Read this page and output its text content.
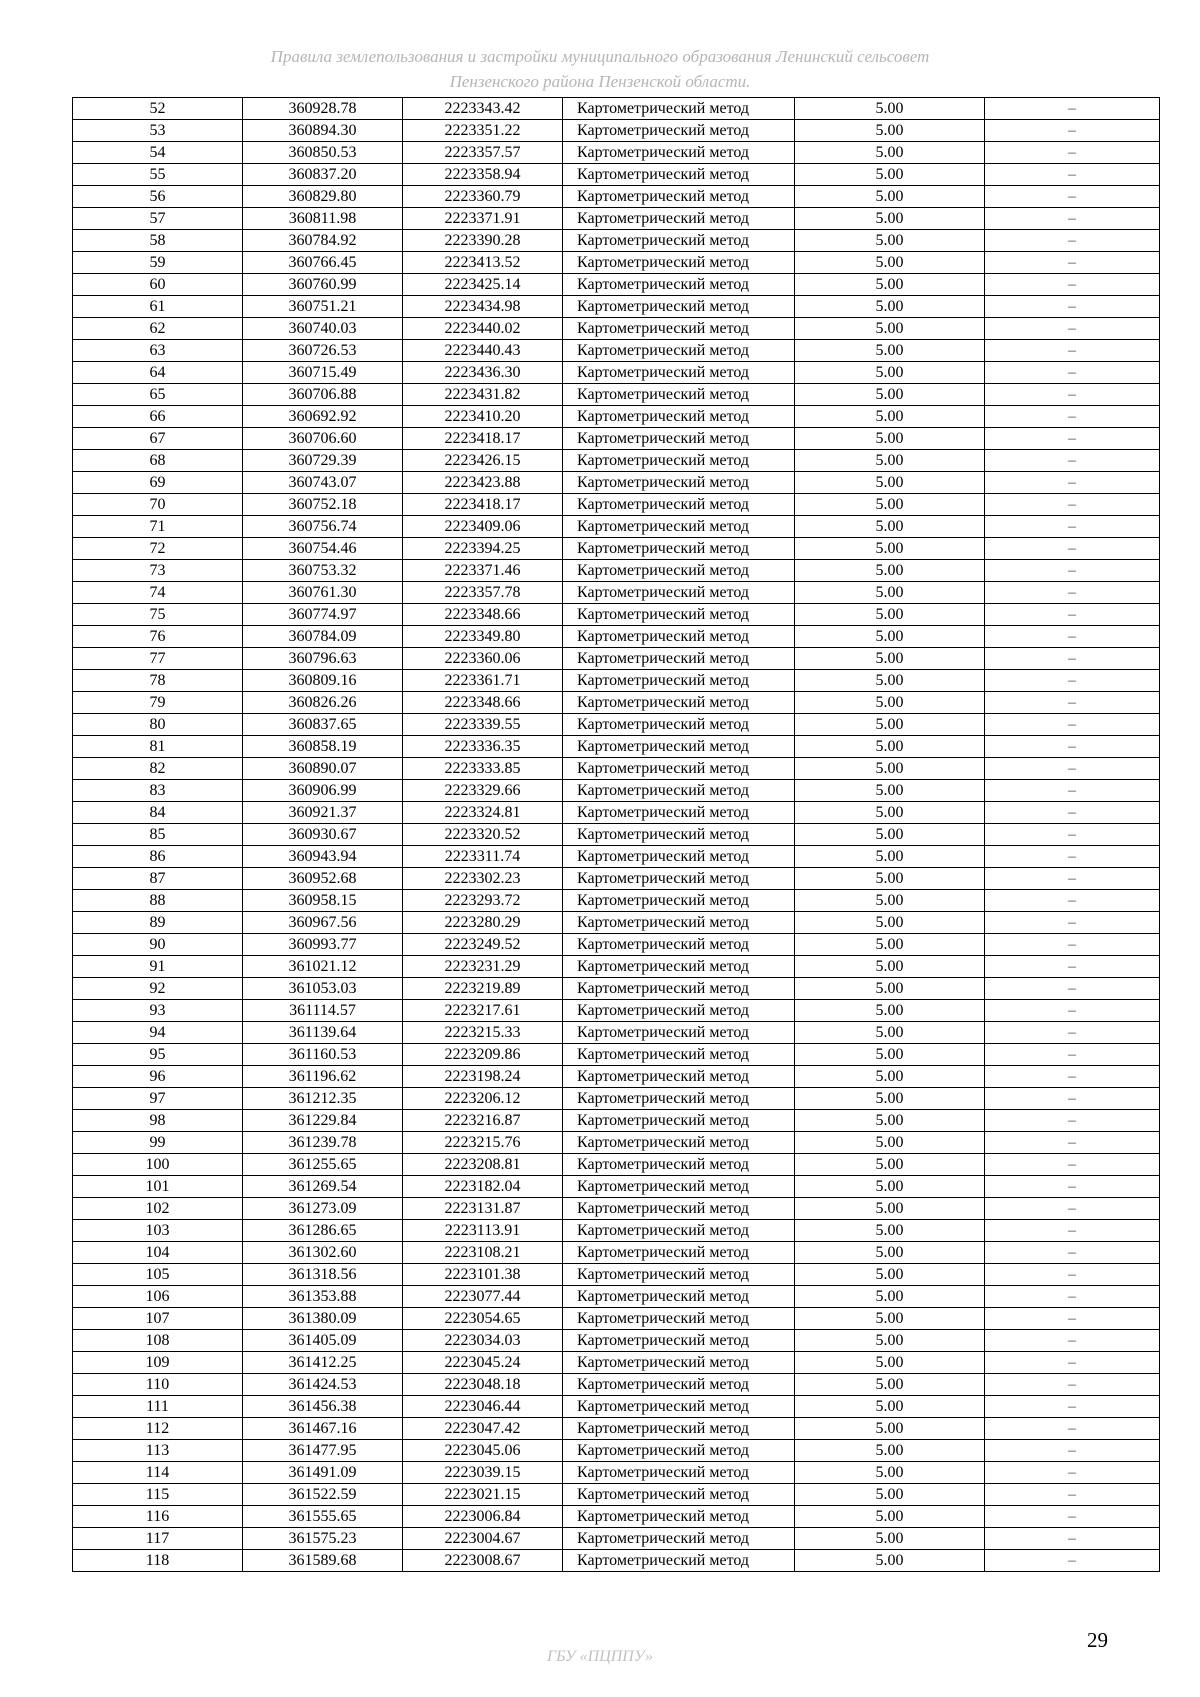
Правила землепользования и застройки муниципального образования Ленинский сельсовет
Пензенского района Пензенской области.
52	360928.78	2223343.42	Картометрический метод	5.00	–
53	360894.30	2223351.22	Картометрический метод	5.00	–
54	360850.53	2223357.57	Картометрический метод	5.00	–
55	360837.20	2223358.94	Картометрический метод	5.00	–
56	360829.80	2223360.79	Картометрический метод	5.00	–
57	360811.98	2223371.91	Картометрический метод	5.00	–
58	360784.92	2223390.28	Картометрический метод	5.00	–
59	360766.45	2223413.52	Картометрический метод	5.00	–
60	360760.99	2223425.14	Картометрический метод	5.00	–
61	360751.21	2223434.98	Картометрический метод	5.00	–
62	360740.03	2223440.02	Картометрический метод	5.00	–
63	360726.53	2223440.43	Картометрический метод	5.00	–
64	360715.49	2223436.30	Картометрический метод	5.00	–
65	360706.88	2223431.82	Картометрический метод	5.00	–
66	360692.92	2223410.20	Картометрический метод	5.00	–
67	360706.60	2223418.17	Картометрический метод	5.00	–
68	360729.39	2223426.15	Картометрический метод	5.00	–
69	360743.07	2223423.88	Картометрический метод	5.00	–
70	360752.18	2223418.17	Картометрический метод	5.00	–
71	360756.74	2223409.06	Картометрический метод	5.00	–
72	360754.46	2223394.25	Картометрический метод	5.00	–
73	360753.32	2223371.46	Картометрический метод	5.00	–
74	360761.30	2223357.78	Картометрический метод	5.00	–
75	360774.97	2223348.66	Картометрический метод	5.00	–
76	360784.09	2223349.80	Картометрический метод	5.00	–
77	360796.63	2223360.06	Картометрический метод	5.00	–
78	360809.16	2223361.71	Картометрический метод	5.00	–
79	360826.26	2223348.66	Картометрический метод	5.00	–
80	360837.65	2223339.55	Картометрический метод	5.00	–
81	360858.19	2223336.35	Картометрический метод	5.00	–
82	360890.07	2223333.85	Картометрический метод	5.00	–
83	360906.99	2223329.66	Картометрический метод	5.00	–
84	360921.37	2223324.81	Картометрический метод	5.00	–
85	360930.67	2223320.52	Картометрический метод	5.00	–
86	360943.94	2223311.74	Картометрический метод	5.00	–
87	360952.68	2223302.23	Картометрический метод	5.00	–
88	360958.15	2223293.72	Картометрический метод	5.00	–
89	360967.56	2223280.29	Картометрический метод	5.00	–
90	360993.77	2223249.52	Картометрический метод	5.00	–
91	361021.12	2223231.29	Картометрический метод	5.00	–
92	361053.03	2223219.89	Картометрический метод	5.00	–
93	361114.57	2223217.61	Картометрический метод	5.00	–
94	361139.64	2223215.33	Картометрический метод	5.00	–
95	361160.53	2223209.86	Картометрический метод	5.00	–
96	361196.62	2223198.24	Картометрический метод	5.00	–
97	361212.35	2223206.12	Картометрический метод	5.00	–
98	361229.84	2223216.87	Картометрический метод	5.00	–
99	361239.78	2223215.76	Картометрический метод	5.00	–
100	361255.65	2223208.81	Картометрический метод	5.00	–
101	361269.54	2223182.04	Картометрический метод	5.00	–
102	361273.09	2223131.87	Картометрический метод	5.00	–
103	361286.65	2223113.91	Картометрический метод	5.00	–
104	361302.60	2223108.21	Картометрический метод	5.00	–
105	361318.56	2223101.38	Картометрический метод	5.00	–
106	361353.88	2223077.44	Картометрический метод	5.00	–
107	361380.09	2223054.65	Картометрический метод	5.00	–
108	361405.09	2223034.03	Картометрический метод	5.00	–
109	361412.25	2223045.24	Картометрический метод	5.00	–
110	361424.53	2223048.18	Картометрический метод	5.00	–
111	361456.38	2223046.44	Картометрический метод	5.00	–
112	361467.16	2223047.42	Картометрический метод	5.00	–
113	361477.95	2223045.06	Картометрический метод	5.00	–
114	361491.09	2223039.15	Картометрический метод	5.00	–
115	361522.59	2223021.15	Картометрический метод	5.00	–
116	361555.65	2223006.84	Картометрический метод	5.00	–
117	361575.23	2223004.67	Картометрический метод	5.00	–
118	361589.68	2223008.67	Картометрический метод	5.00	–
29
ГБУ «ПЦППУ»
